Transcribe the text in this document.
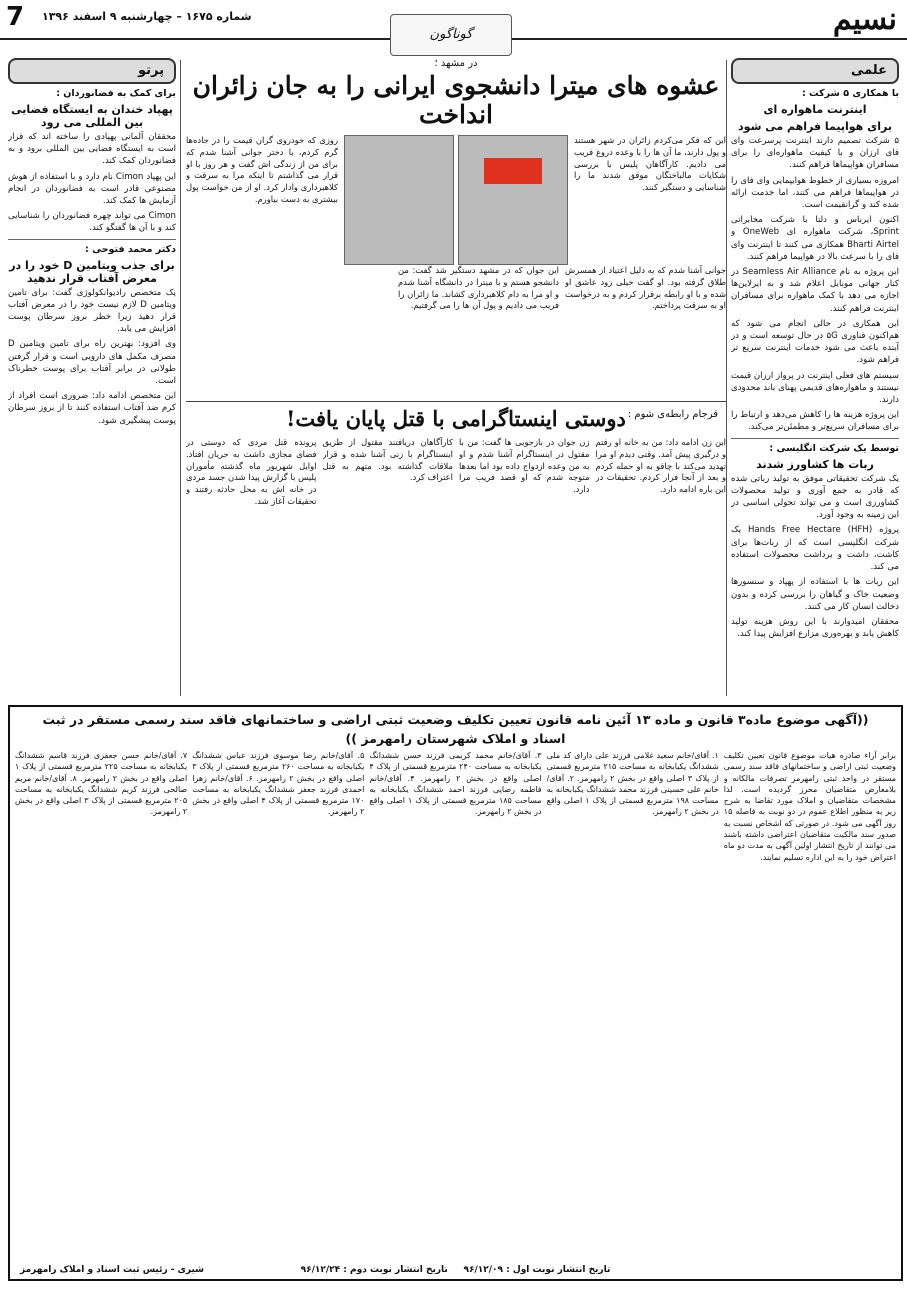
نسیم
شماره ۱۶۷۵ – چهارشنبه ۹ اسفند ۱۳۹۶
7
گوناگون
علمی
با همکاری ۵ شرکت :
اینترنت ماهواره ای
برای هواپیما فراهم می شود

۵ شرکت تصمیم دارند اینترنت پرسرعت وای فای ارزان و با کیفیت ماهواره‌ای را برای مسافران هواپیماها فراهم کنند.

امروزه بسیاری از خطوط هوایپمایی وای فای را در هواپیماها فراهم می کنند، اما خدمت ارائه شده کند و گرانقیمت است.

اکنون ایرباس و دلتا با شرکت مخابراتی Sprint، شرکت ماهواره ای OneWeb و Bharti Airtel همکاری می کنند تا اینترنت وای فای را با سرعت بالا در هواپیما فراهم کنند.

این پروژه به نام Seamless Air Alliance در کنار جهانی موبایل اعلام شد و به ایرلاین‌ها اجازه می دهد با کمک ماهواره برای مسافران اینترنت فراهم کنند.

این همکاری در حالی انجام می شود که هم‌اکنون فناوری ۵G در حال توسعه است و در آینده باعث می شود خدمات اینترنت سریع تر فراهم شود.

سیستم های فعلی اینترنت در پرواز ارزان قیمت نیستند و ماهواره‌های قدیمی پهنای باند محدودی دارند.

این پروژه هزینه ها را کاهش می‌دهد و ارتباط را برای مسافران سریع‌تر و مطمئن‌تر می‌کند.

توسط یک شرکت انگلیسی :
ربات ها کشاورز شدند

یک شرکت تحقیقاتی موفق به تولید رباتی شده که قادر به جمع آوری و تولید محصولات کشاورزی است و می تواند تحولی اساسی در این زمینه به وجود آورد.

پروژه Hands Free Hectare (HFH) یک شرکت انگلیسی است که از ربات‌ها برای کاشت، داشت و برداشت محصولات استفاده می کند.

این ربات ها با استفاده از پهپاد و سنسورها وضعیت خاک و گیاهان را بررسی کرده و بدون دخالت انسان کار می کنند.

محققان امیدوارند با این روش هزینه تولید کاهش یابد و بهره‌وری مزارع افزایش پیدا کند.

در مشهد ؛
عشوه های میترا دانشجوی ایرانی را به جان زائران انداخت
این که فکر می‌کردم زائران در شهر هستند و پول دارند، ما آن ها را با وعده دروغ فریب می دادیم. کارآگاهان پلیس با بررسی شکایات مالباختگان موفق شدند ما را شناسایی و دستگیر کنند.
روزی که خودروی گران قیمت را در جاده‌ها گرم کردم، با دختر جوانی آشنا شدم که برای من از زندگی اش گفت و هر روز با او قرار می گذاشتم تا اینکه مرا به سرقت و کلاهبرداری وادار کرد. او از من خواست پول بیشتری به دست بیاورم.
جوانی آشنا شدم که به دلیل اعتیاد از همسرش طلاق گرفته بود. او گفت خیلی زود عاشق او شده و با او رابطه برقرار کردم و به درخواست او به سرقت پرداختم.
این جوان که در مشهد دستگیر شد گفت: من دانشجو هستم و با میترا در دانشگاه آشنا شدم و او مرا به دام کلاهبرداری کشاند. ما زائران را فریب می دادیم و پول آن ها را می گرفتیم.
قرجام رابطه‌ی شوم :
دوستی اینستاگرامی با قتل پایان یافت!
این زن ادامه داد: من به خانه او رفتم و درگیری پیش آمد. وقتی دیدم او مرا تهدید می‌کند با چاقو به او حمله کردم و بعد از آنجا فرار کردم. تحقیقات در این باره ادامه دارد.
زن جوان در بازجویی ها گفت: من با مقتول در اینستاگرام آشنا شدم و او به من وعده ازدواج داده بود اما بعدها متوجه شدم که او قصد فریب مرا دارد.
کارآگاهان دریافتند مقتول از طریق اینستاگرام با زنی آشنا شده و قرار ملاقات گذاشته بود. متهم به قتل اعتراف کرد.
پرونده قتل مردی که دوستی در فضای مجازی داشت به جریان افتاد. اوایل شهریور ماه گذشته مأموران پلیس با گزارش پیدا شدن جسد مردی در خانه اش به محل حادثه رفتند و تحقیقات آغاز شد.
پرتو
برای کمک به فضانوردان :
پهپاد خندان به ایستگاه فضایی بین المللی می رود

محققان آلمانی پهپادی را ساخته اند که قرار است به ایستگاه فضایی بین المللی برود و به فضانوردان کمک کند.

این پهپاد Cimon نام دارد و با استفاده از هوش مصنوعی قادر است به فضانوردان در انجام آزمایش ها کمک کند.

Cimon می تواند چهره فضانوردان را شناسایی کند و با آن ها گفتگو کند.

دکتر محمد فتوحی :
برای جذب ویتامین D خود را در معرض آفتاب قرار ندهید

یک متخصص رادیوانکولوژی گفت: برای تامین ویتامین D لازم نیست خود را در معرض آفتاب قرار دهید زیرا خطر بروز سرطان پوست افزایش می یابد.

وی افزود: بهترین راه برای تامین ویتامین D مصرف مکمل های دارویی است و قرار گرفتن طولانی در برابر آفتاب برای پوست خطرناک است.

این متخصص ادامه داد: ضروری است افراد از کرم ضد آفتاب استفاده کنند تا از بروز سرطان پوست پیشگیری شود.

((آگهی موضوع ماده۳ قانون و ماده ۱۳ آئین نامه قانون تعیین تکلیف وضعیت ثبتی اراضی و ساختمانهای فاقد سند رسمی مستقر در ثبت اسناد و املاک شهرستان رامهرمز ))
برابر آراء صادره هیات موضوع قانون تعیین تکلیف وضعیت ثبتی اراضی و ساختمانهای فاقد سند رسمی مستقر در واحد ثبتی رامهرمز تصرفات مالکانه و بلامعارض متقاضیان محرز گردیده است. لذا مشخصات متقاضیان و املاک مورد تقاضا به شرح زیر به منظور اطلاع عموم در دو نوبت به فاصله ۱۵ روز آگهی می شود. در صورتی که اشخاص نسبت به صدور سند مالکیت متقاضیان اعتراضی داشته باشند می توانند از تاریخ انتشار اولین آگهی به مدت دو ماه اعتراض خود را به این اداره تسلیم نمایند.
۱. آقای/خانم سعید غلامی فرزند علی دارای کد ملی ششدانگ یکبابخانه به مساحت ۲۱۵ مترمربع قسمتی از پلاک ۳ اصلی واقع در بخش ۲ رامهرمز. ۲. آقای/خانم علی حسینی فرزند محمد ششدانگ یکبابخانه به مساحت ۱۹۸ مترمربع قسمتی از پلاک ۱ اصلی واقع در بخش ۲ رامهرمز.
۳. آقای/خانم محمد کریمی فرزند حسن ششدانگ یکبابخانه به مساحت ۲۴۰ مترمربع قسمتی از پلاک ۴ اصلی واقع در بخش ۲ رامهرمز. ۴. آقای/خانم فاطمه رضایی فرزند احمد ششدانگ یکبابخانه به مساحت ۱۸۵ مترمربع قسمتی از پلاک ۱ اصلی واقع در بخش ۲ رامهرمز.
۵. آقای/خانم رضا موسوی فرزند عباس ششدانگ یکبابخانه به مساحت ۲۶۰ مترمربع قسمتی از پلاک ۳ اصلی واقع در بخش ۲ رامهرمز. ۶. آقای/خانم زهرا احمدی فرزند جعفر ششدانگ یکبابخانه به مساحت ۱۷۰ مترمربع قسمتی از پلاک ۴ اصلی واقع در بخش ۲ رامهرمز.
۷. آقای/خانم حسن جعفری فرزند قاسم ششدانگ یکبابخانه به مساحت ۲۲۵ مترمربع قسمتی از پلاک ۱ اصلی واقع در بخش ۲ رامهرمز. ۸. آقای/خانم مریم صالحی فرزند کریم ششدانگ یکبابخانه به مساحت ۲۰۵ مترمربع قسمتی از پلاک ۳ اصلی واقع در بخش ۲ رامهرمز.
تاریخ انتشار نوبت اول : ۹۶/۱۲/۰۹     تاریخ انتشار نوبت دوم : ۹۶/۱۲/۲۴
شیری - رئیس ثبت اسناد و املاک رامهرمز
